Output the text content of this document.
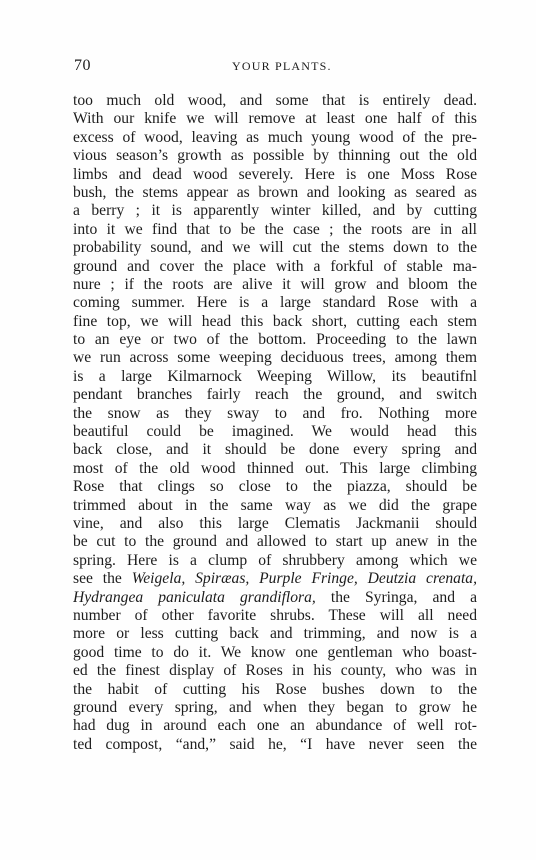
70	YOUR PLANTS.
too much old wood, and some that is entirely dead.
With our knife we will remove at least one half of this
excess of wood, leaving as much young wood of the pre-
vious season’s growth as possible by thinning out the old
limbs and dead wood severely. Here is one Moss Rose
bush, the stems appear as brown and looking as seared as
a berry ; it is apparently winter killed, and by cutting
into it we find that to be the case ; the roots are in all
probability sound, and we will cut the stems down to the
ground and cover the place with a forkful of stable ma-
nure ; if the roots are alive it will grow and bloom the
coming summer. Here is a large standard Rose with a
fine top, we will head this back short, cutting each stem
to an eye or two of the bottom. Proceeding to the lawn
we run across some weeping deciduous trees, among them
is a large Kilmarnock Weeping Willow, its beautifnl
pendant branches fairly reach the ground, and switch
the snow as they sway to and fro. Nothing more
beautiful could be imagined. We would head this
back close, and it should be done every spring and
most of the old wood thinned out. This large climbing
Rose that clings so close to the piazza, should be
trimmed about in the same way as we did the grape
vine, and also this large Clematis Jackmanii should
be cut to the ground and allowed to start up anew in the
spring. Here is a clump of shrubbery among which we
see the Weigela, Spiræas, Purple Fringe, Deutzia crenata,
Hydrangea paniculata grandiflora, the Syringa, and a
number of other favorite shrubs. These will all need
more or less cutting back and trimming, and now is a
good time to do it. We know one gentleman who boast-
ed the finest display of Roses in his county, who was in
the habit of cutting his Rose bushes down to the
ground every spring, and when they began to grow he
had dug in around each one an abundance of well rot-
ted compost, “and,” said he, “I have never seen the
